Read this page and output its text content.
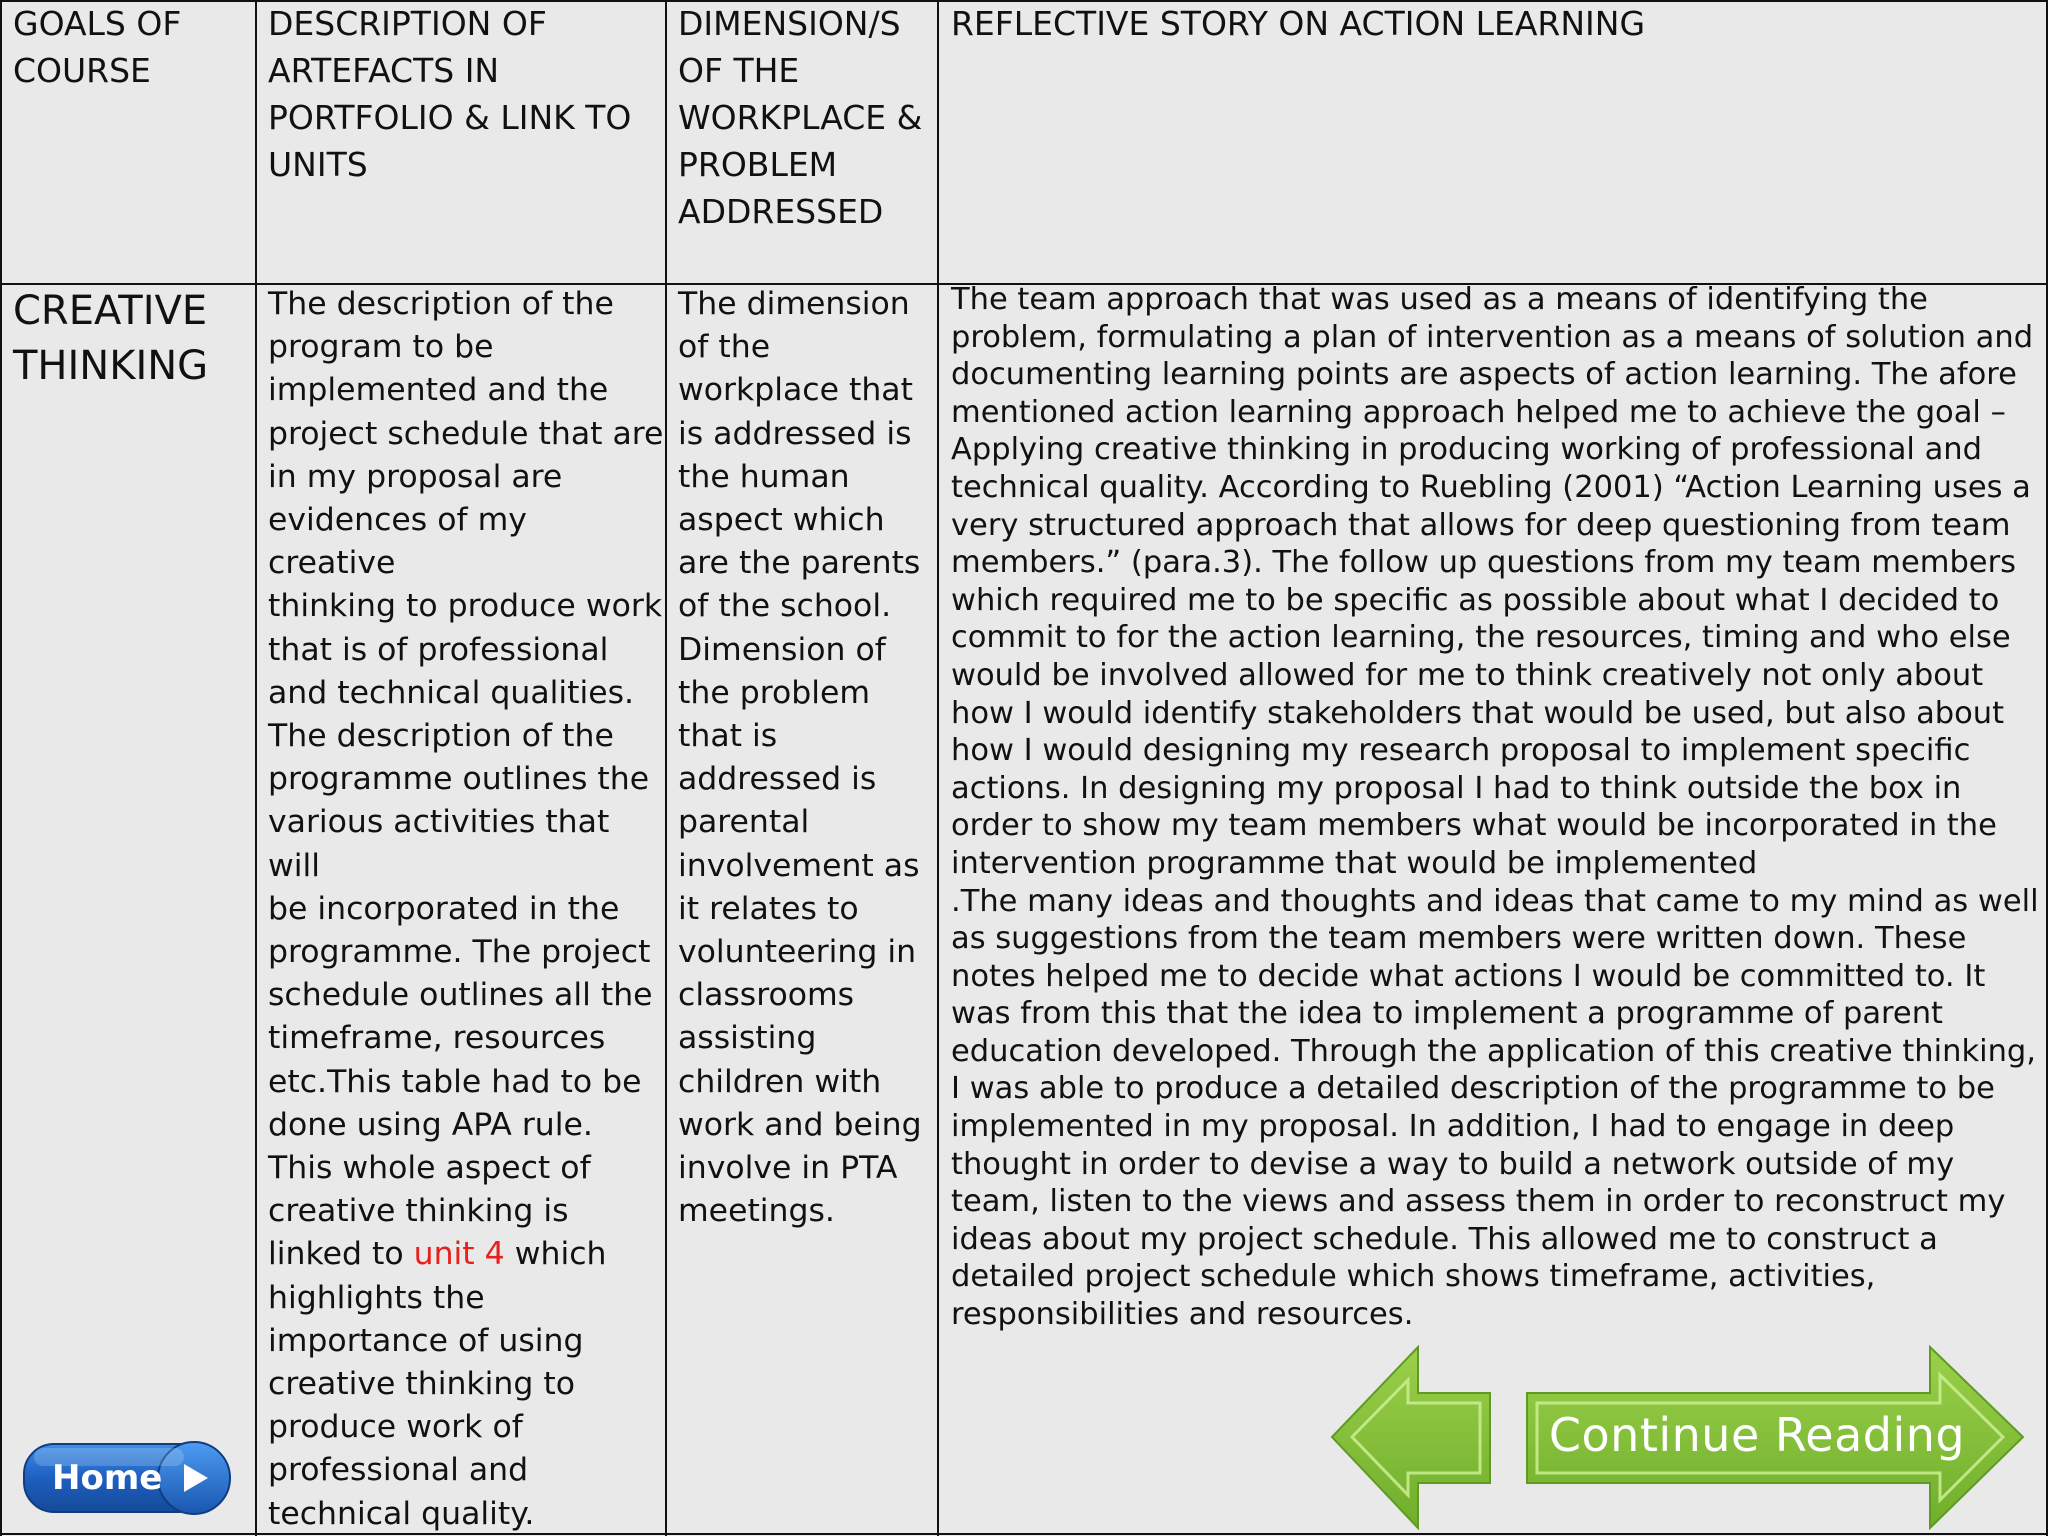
GOALS OF
COURSE
DESCRIPTION OF
ARTEFACTS IN
PORTFOLIO & LINK TO
UNITS
DIMENSION/S
OF THE
WORKPLACE &
PROBLEM
ADDRESSED
REFLECTIVE STORY ON ACTION LEARNING
CREATIVE
THINKING
The description of the
program to be
implemented and the
project schedule that are
in my proposal are
evidences of my creative
thinking to produce work
that is of professional
and technical qualities.
The description of the
programme outlines the
various activities that will
be incorporated in the
programme. The project
schedule outlines all the
timeframe, resources
etc.This table had to be
done using APA rule.
This whole aspect of
creative thinking is
linked to unit 4 which
highlights the
importance of using
creative thinking to
produce work of
professional and
technical quality.
The dimension
of the
workplace that
is addressed is
the human
aspect which
are the parents
of the school.
Dimension of
the problem
that is
addressed is
parental
involvement as
it relates to
volunteering in
classrooms
assisting
children with
work and being
involve in PTA
meetings.
The team approach that was used as a means of identifying the
problem, formulating a plan of intervention as a means of solution and
documenting learning points are aspects of action learning. The afore
mentioned action learning approach helped me to achieve the goal –
Applying creative thinking in producing working of professional and
technical quality. According to Ruebling (2001) “Action Learning uses a
very structured approach that allows for deep questioning from team
members.” (para.3). The follow up questions from my team members
which required me to be specific as possible about what I decided to
commit to for the action learning, the resources, timing and who else
would be involved allowed for me to think creatively not only about
how I would identify stakeholders that would be used, but also about
how I would designing my research proposal to implement specific
actions. In designing my proposal I had to think outside the box in
order to show my team members what would be incorporated in the
intervention programme that would be implemented
.The many ideas and thoughts and ideas that came to my mind as well
as suggestions from the team members were written down. These
notes helped me to decide what actions I would be committed to. It
was from this that the idea to implement a programme of parent
education developed. Through the application of this creative thinking,
I was able to produce a detailed description of the programme to be
implemented in my proposal. In addition, I had to engage in deep
thought in order to devise a way to build a network outside of my
team, listen to the views and assess them in order to reconstruct my
ideas about my project schedule. This allowed me to construct a
detailed project schedule which shows timeframe, activities,
responsibilities and resources.
Continue Reading
Home
